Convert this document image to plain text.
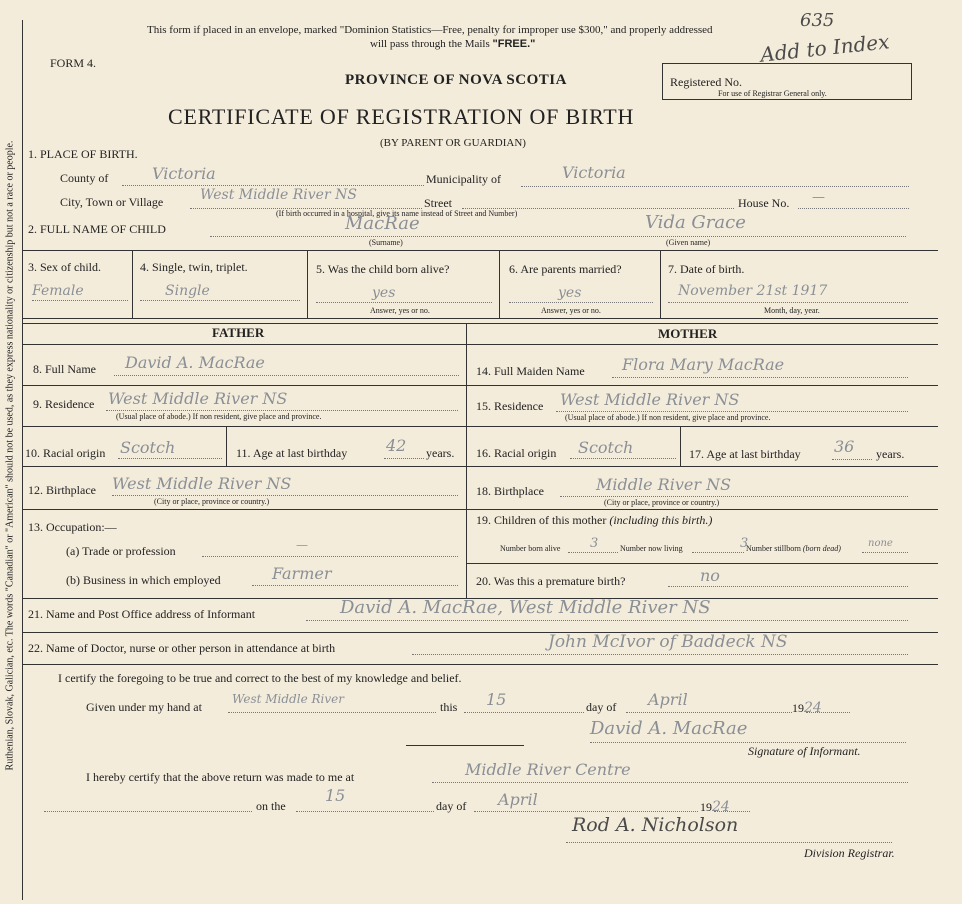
Ruthenian, Slovak, Galician, etc. The words "Canadian" or "American" should not be used, as they express nationality or citizenship but not a race or people.
This form if placed in an envelope, marked "Dominion Statistics—Free, penalty for improper use $300," and properly addressed
will pass through the Mails "FREE."
FORM 4.
PROVINCE OF NOVA SCOTIA
CERTIFICATE OF REGISTRATION OF BIRTH
(BY PARENT OR GUARDIAN)
Registered No.
For use of Registrar General only.
635
Add to Index
1. PLACE OF BIRTH.
County of	Victoria	Municipality of	Victoria
City, Town or Village	West Middle River NS	Street
(If birth occurred in a hospital, give its name instead of Street and Number)
House No. —
2. FULL NAME OF CHILD	MacRae	Vida Grace
(Surname)	(Given name)
3. Sex of child.
Female
4. Single, twin, triplet.
Single
5. Was the child born alive?
yes
Answer, yes or no.
6. Are parents married?
yes
Answer, yes or no.
7. Date of birth.
November 21st 1917
Month, day, year.
FATHER	MOTHER
8. Full Name David A. MacRae
9. Residence West Middle River NS
(Usual place of abode.) If non resident, give place and province.
10. Racial origin Scotch	11. Age at last birthday 42 years.
12. Birthplace West Middle River NS
(City or place, province or country.)
13. Occupation:—
(a) Trade or profession	—
(b) Business in which employed	Farmer
14. Full Maiden Name Flora Mary MacRae
15. Residence West Middle River NS
(Usual place of abode.) If non resident, give place and province.
16. Racial origin Scotch	17. Age at last birthday 36 years.
18. Birthplace	Middle River NS
(City or place, province or country.)
19. Children of this mother (including this birth.)
Number born alive 3	Number now living	3
Number stillborn (born dead)	none
20. Was this a premature birth?	no
21. Name and Post Office address of Informant	David A. MacRae, West Middle River NS
22. Name of Doctor, nurse or other person in attendance at birth	John McIvor of Baddeck NS
I certify the foregoing to be true and correct to the best of my knowledge and belief.
Given under my hand at
West Middle River
this 15	day of April	1924
David A. MacRae
Signature of Informant.
I hereby certify that the above return was made to me at	Middle River Centre
on the
15
day of April	1924
Rod A. Nicholson
Division Registrar.
